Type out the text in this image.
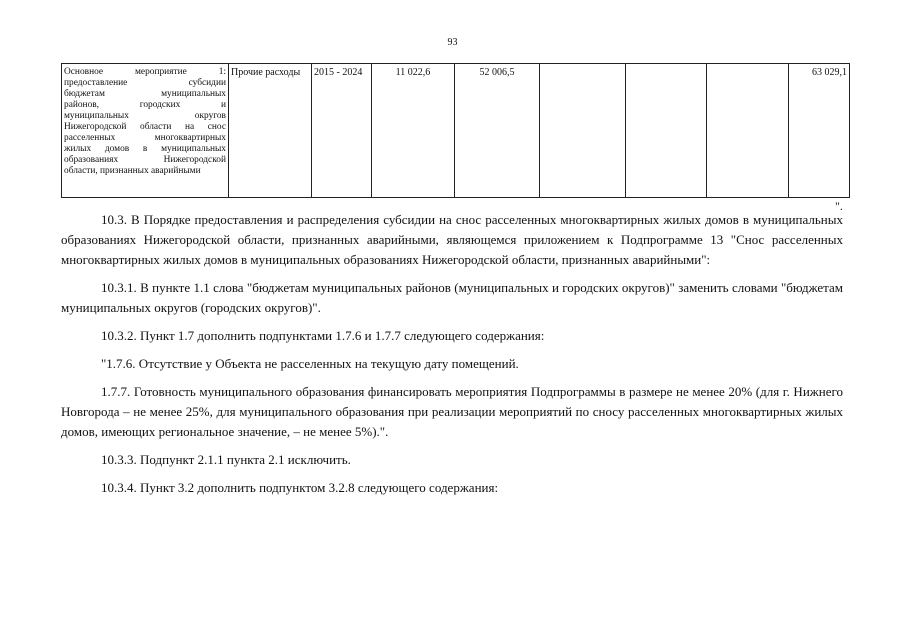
93
Основное мероприятие 1:
предоставление субсидии
бюджетам муниципальных
районов, городских и
муниципальных округов
Нижегородской области на снос
расселенных многоквартирных
жилых домов в муниципальных
образованиях Нижегородской
области, признанных аварийными
	Прочие расходы	2015 - 2024	11 022,6	52 006,5				63 029,1
".

10.3. В Порядке предоставления и распределения субсидии на снос расселенных многоквартирных жилых домов в муниципальных образованиях Нижегородской области, признанных аварийными, являющемся приложением к Подпрограмме 13 "Снос расселенных многоквартирных жилых домов в муниципальных образованиях Нижегородской области, признанных аварийными":

10.3.1. В пункте 1.1 слова "бюджетам муниципальных районов (муниципальных и городских округов)" заменить словами "бюджетам муниципальных округов (городских округов)".

10.3.2. Пункт 1.7 дополнить подпунктами 1.7.6 и 1.7.7 следующего содержания:

"1.7.6. Отсутствие у Объекта не расселенных на текущую дату помещений.

1.7.7. Готовность муниципального образования финансировать мероприятия Подпрограммы в размере не менее 20% (для г. Нижнего Новгорода – не менее 25%, для муниципального образования при реализации мероприятий по сносу расселенных многоквартирных жилых домов, имеющих региональное значение, – не менее 5%).".

10.3.3. Подпункт 2.1.1 пункта 2.1 исключить.

10.3.4. Пункт 3.2 дополнить подпунктом 3.2.8 следующего содержания:
